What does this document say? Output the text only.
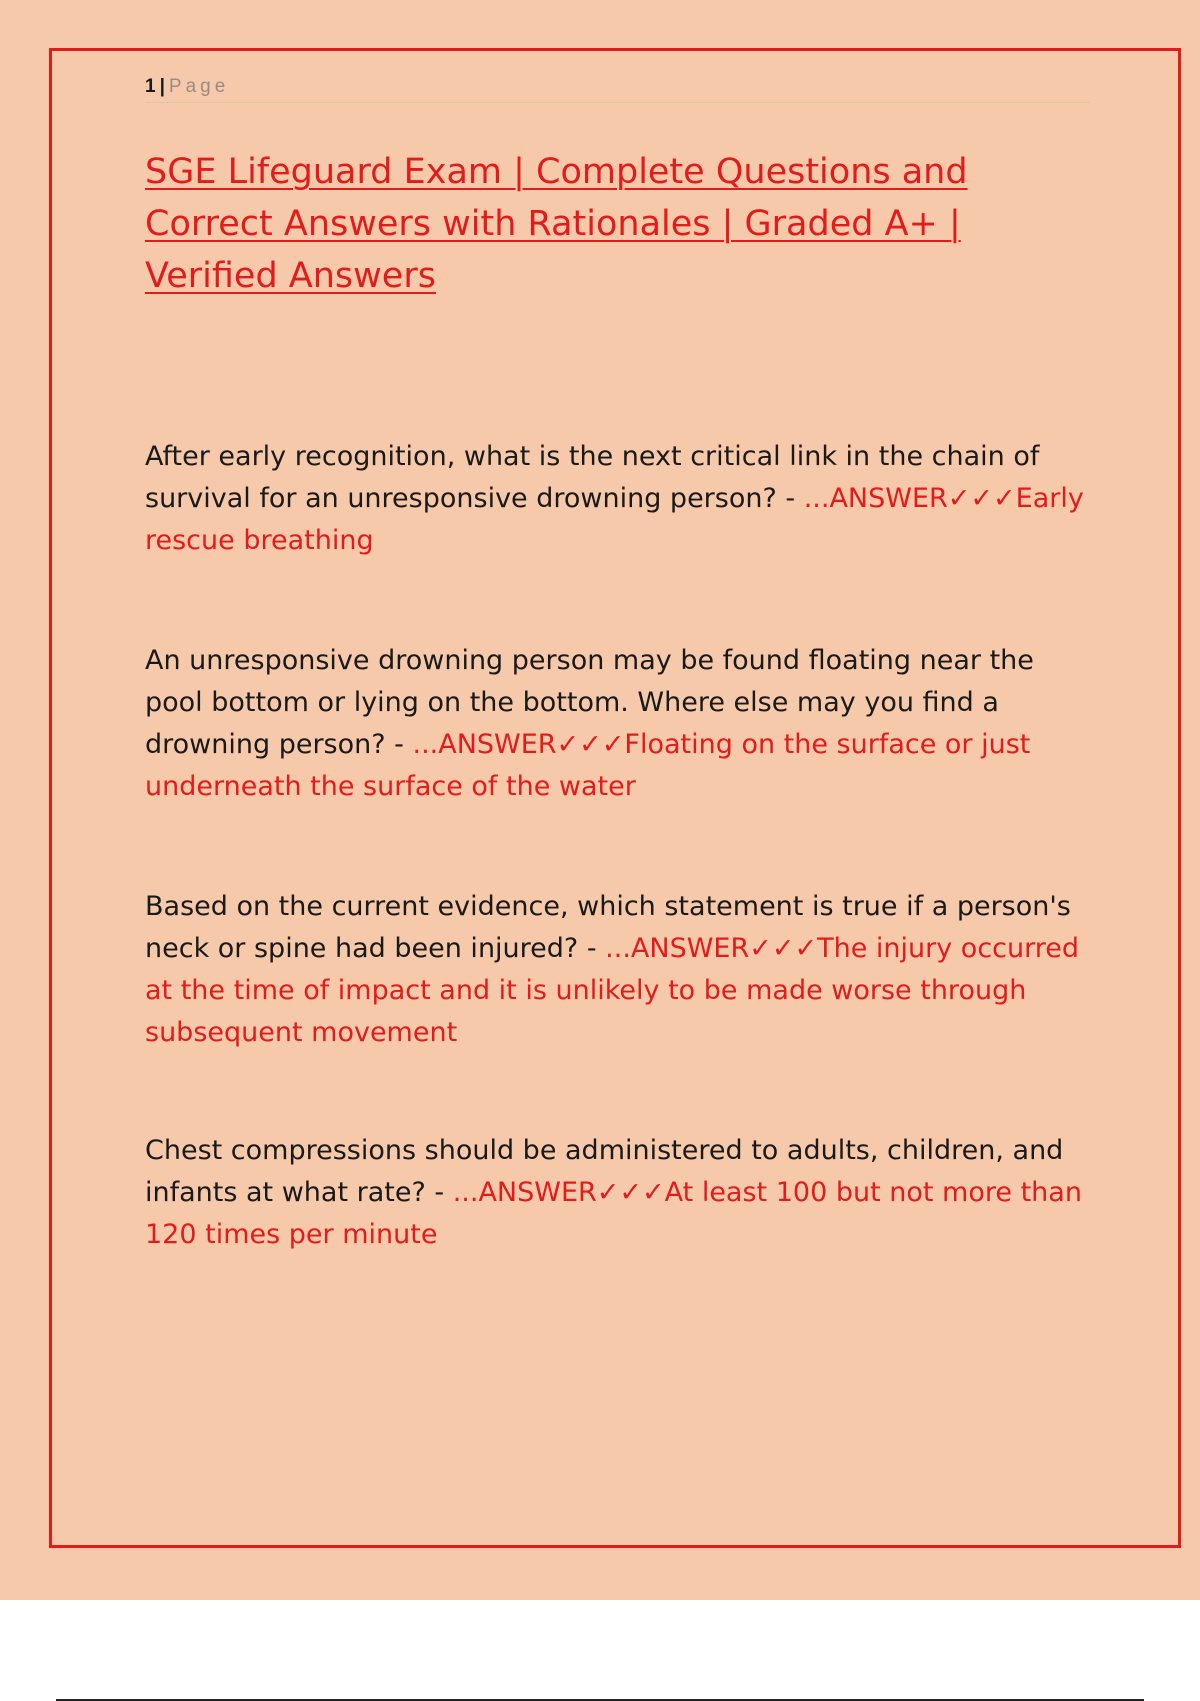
1 | Page
SGE Lifeguard Exam | Complete Questions and Correct Answers with Rationales | Graded A+ | Verified Answers

After early recognition, what is the next critical link in the chain of survival for an unresponsive drowning person? - ...ANSWER✓✓✓Early rescue breathing

An unresponsive drowning person may be found floating near the pool bottom or lying on the bottom. Where else may you find a drowning person? - ...ANSWER✓✓✓Floating on the surface or just underneath the surface of the water

Based on the current evidence, which statement is true if a person's neck or spine had been injured? - ...ANSWER✓✓✓The injury occurred at the time of impact and it is unlikely to be made worse through subsequent movement

Chest compressions should be administered to adults, children, and infants at what rate? - ...ANSWER✓✓✓At least 100 but not more than 120 times per minute
